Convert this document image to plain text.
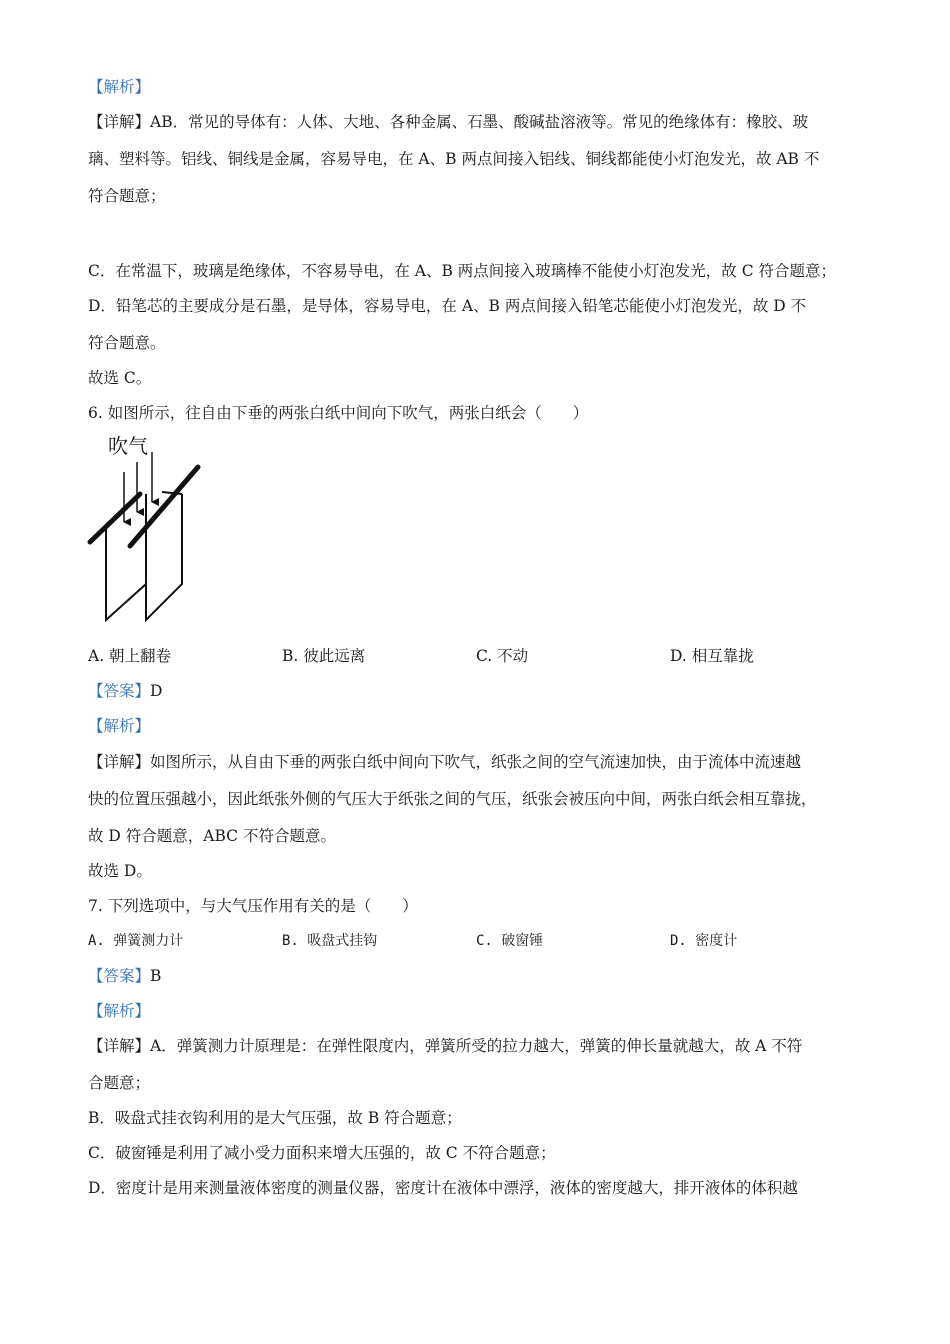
【解析】
【详解】AB．常见的导体有：人体、大地、各种金属、石墨、酸碱盐溶液等。常见的绝缘体有：橡胶、玻
璃、塑料等。铝线、铜线是金属，容易导电，在 A、B 两点间接入铝线、铜线都能使小灯泡发光，故 AB 不
符合题意；
C．在常温下，玻璃是绝缘体，不容易导电，在 A、B 两点间接入玻璃棒不能使小灯泡发光，故 C 符合题意；
D．铅笔芯的主要成分是石墨，是导体，容易导电，在 A、B 两点间接入铅笔芯能使小灯泡发光，故 D 不
符合题意。
故选 C。
6. 如图所示，往自由下垂的两张白纸中间向下吹气，两张白纸会（　　）
吹气
A. 朝上翻卷	B. 彼此远离	C. 不动	D. 相互靠拢
【答案】D
【解析】
【详解】如图所示，从自由下垂的两张白纸中间向下吹气，纸张之间的空气流速加快，由于流体中流速越
快的位置压强越小，因此纸张外侧的气压大于纸张之间的气压，纸张会被压向中间，两张白纸会相互靠拢，
故 D 符合题意，ABC 不符合题意。
故选 D。
7. 下列选项中，与大气压作用有关的是（　　）
A. 弹簧测力计	B. 吸盘式挂钩	C. 破窗锤	D. 密度计
【答案】B
【解析】
【详解】A．弹簧测力计原理是：在弹性限度内，弹簧所受的拉力越大，弹簧的伸长量就越大，故 A 不符
合题意；
B．吸盘式挂衣钩利用的是大气压强，故 B 符合题意；
C．破窗锤是利用了减小受力面积来增大压强的，故 C 不符合题意；
D．密度计是用来测量液体密度的测量仪器，密度计在液体中漂浮，液体的密度越大，排开液体的体积越
